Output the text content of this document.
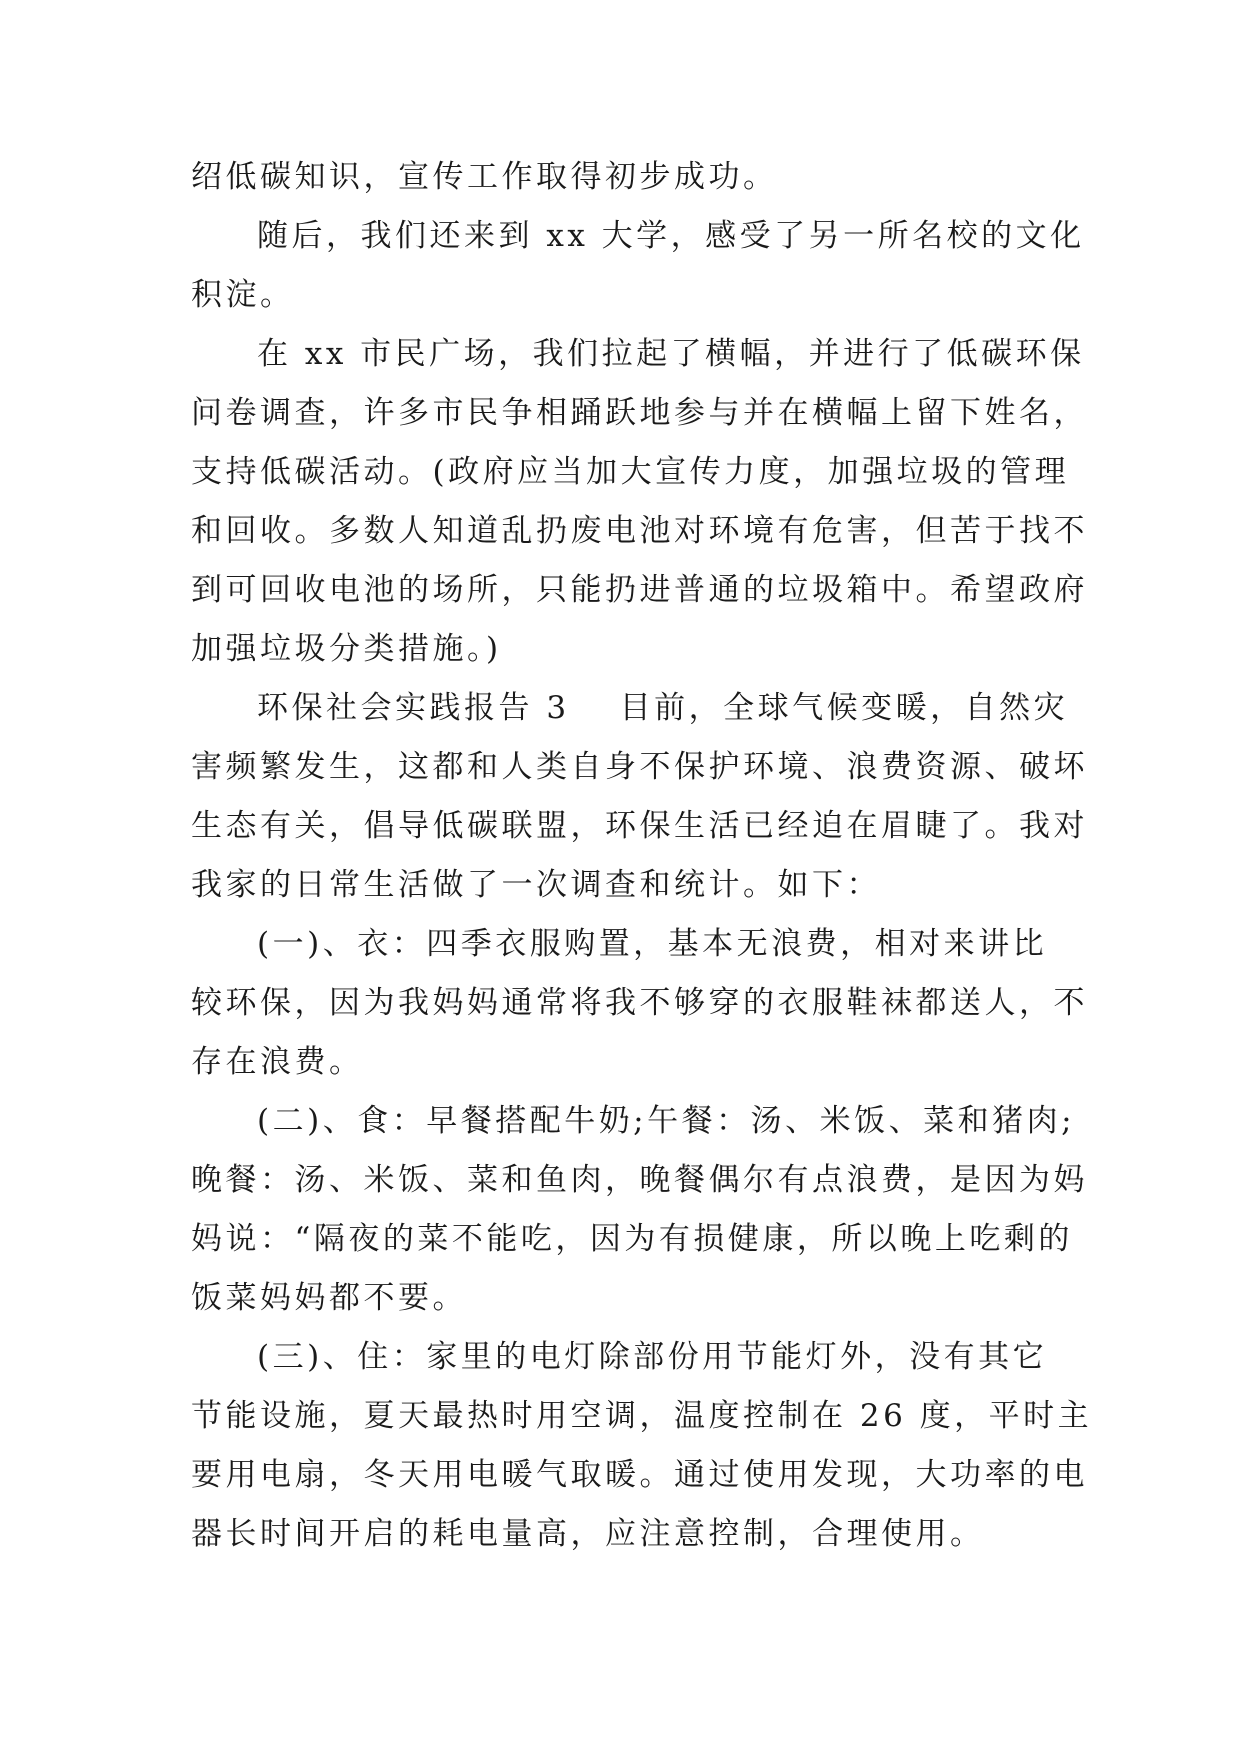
绍低碳知识，宣传工作取得初步成功。
随后，我们还来到 xx 大学，感受了另一所名校的文化
积淀。
在 xx 市民广场，我们拉起了横幅，并进行了低碳环保
问卷调查，许多市民争相踊跃地参与并在横幅上留下姓名，
支持低碳活动。(政府应当加大宣传力度，加强垃圾的管理
和回收。多数人知道乱扔废电池对环境有危害，但苦于找不
到可回收电池的场所，只能扔进普通的垃圾箱中。希望政府
加强垃圾分类措施。)
环保社会实践报告 3 目前，全球气候变暖，自然灾
害频繁发生，这都和人类自身不保护环境、浪费资源、破坏
生态有关，倡导低碳联盟，环保生活已经迫在眉睫了。我对
我家的日常生活做了一次调查和统计。如下：
(一)、衣：四季衣服购置，基本无浪费，相对来讲比
较环保，因为我妈妈通常将我不够穿的衣服鞋袜都送人，不
存在浪费。
(二)、食：早餐搭配牛奶;午餐：汤、米饭、菜和猪肉;
晚餐：汤、米饭、菜和鱼肉，晚餐偶尔有点浪费，是因为妈
妈说：“隔夜的菜不能吃，因为有损健康，所以晚上吃剩的
饭菜妈妈都不要。
(三)、住：家里的电灯除部份用节能灯外，没有其它
节能设施，夏天最热时用空调，温度控制在 26 度，平时主
要用电扇，冬天用电暖气取暖。通过使用发现，大功率的电
器长时间开启的耗电量高，应注意控制，合理使用。
